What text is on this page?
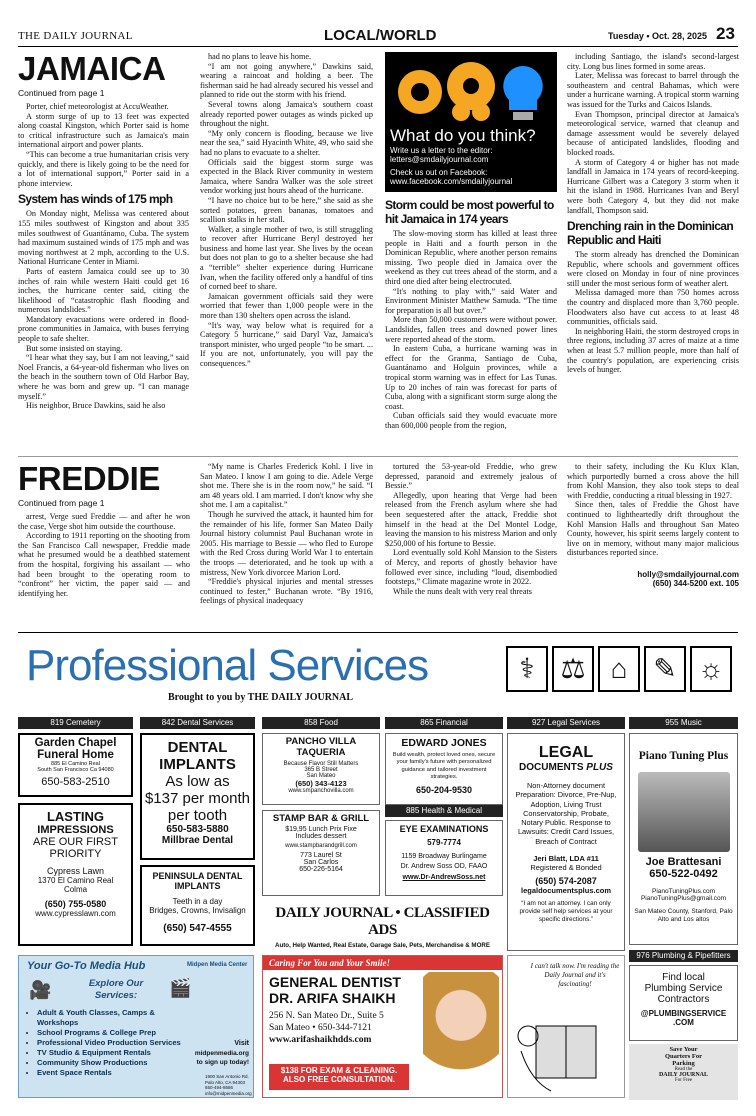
THE DAILY JOURNAL	LOCAL/WORLD	Tuesday • Oct. 28, 2025 23
JAMAICA
Continued from page 1

Porter, chief meteorologist at AccuWeather.

A storm surge of up to 13 feet was expected along coastal Kingston, which Porter said is home to critical infrastructure such as Jamaica's main international airport and power plants.

“This can become a true humanitarian crisis very quickly, and there is likely going to be the need for a lot of international support,” Porter said in a phone interview.

System has winds of 175 mph

On Monday night, Melissa was centered about 155 miles southwest of Kingston and about 335 miles southwest of Guantánamo, Cuba. The system had maximum sustained winds of 175 mph and was moving northwest at 2 mph, according to the U.S. National Hurricane Center in Miami.

Parts of eastern Jamaica could see up to 30 inches of rain while western Haiti could get 16 inches, the hurricane center said, citing the likelihood of “catastrophic flash flooding and numerous landslides.”

Mandatory evacuations were ordered in flood-prone communities in Jamaica, with buses ferrying people to safe shelter.

But some insisted on staying.

“I hear what they say, but I am not leaving,” said Noel Francis, a 64-year-old fisherman who lives on the beach in the southern town of Old Harbor Bay, where he was born and grew up. “I can manage myself.”

His neighbor, Bruce Dawkins, said he also

had no plans to leave his home.

“I am not going anywhere,” Dawkins said, wearing a raincoat and holding a beer. The fisherman said he had already secured his vessel and planned to ride out the storm with his friend.

Several towns along Jamaica's southern coast already reported power outages as winds picked up throughout the night.

“My only concern is flooding, because we live near the sea,” said Hyacinth White, 49, who said she had no plans to evacuate to a shelter.

Officials said the biggest storm surge was expected in the Black River community in western Jamaica, where Sandra Walker was the sole street vendor working just hours ahead of the hurricane.

“I have no choice but to be here,” she said as she sorted potatoes, green bananas, tomatoes and scallion stalks in her stall.

Walker, a single mother of two, is still struggling to recover after Hurricane Beryl destroyed her business and home last year. She lives by the ocean but does not plan to go to a shelter because she had a “terrible” shelter experience during Hurricane Ivan, when the facility offered only a handful of tins of corned beef to share.

Jamaican government officials said they were worried that fewer than 1,000 people were in the more than 130 shelters open across the island.

“It's way, way below what is required for a Category 5 hurricane,” said Daryl Vaz, Jamaica's transport minister, who urged people “to be smart. ... If you are not, unfortunately, you will pay the consequences.”

What do you think?
Write us a letter to the editor:
letters@smdailyjournal.com
Check us out on Facebook:
www.facebook.com/smdailyjournal
Storm could be most powerful to hit Jamaica in 174 years

The slow-moving storm has killed at least three people in Haiti and a fourth person in the Dominican Republic, where another person remains missing. Two people died in Jamaica over the weekend as they cut trees ahead of the storm, and a third one died after being electrocuted.

“It's nothing to play with,” said Water and Environment Minister Matthew Samuda. “The time for preparation is all but over.”

More than 50,000 customers were without power. Landslides, fallen trees and downed power lines were reported ahead of the storm.

In eastern Cuba, a hurricane warning was in effect for the Granma, Santiago de Cuba, Guantánamo and Holguin provinces, while a tropical storm warning was in effect for Las Tunas. Up to 20 inches of rain was forecast for parts of Cuba, along with a significant storm surge along the coast.

Cuban officials said they would evacuate more than 600,000 people from the region,

including Santiago, the island's second-largest city. Long bus lines formed in some areas.

Later, Melissa was forecast to barrel through the southeastern and central Bahamas, which were under a hurricane warning. A tropical storm warning was issued for the Turks and Caicos Islands.

Evan Thompson, principal director at Jamaica's meteorological service, warned that cleanup and damage assessment would be severely delayed because of anticipated landslides, flooding and blocked roads.

A storm of Category 4 or higher has not made landfall in Jamaica in 174 years of record-keeping. Hurricane Gilbert was a Category 3 storm when it hit the island in 1988. Hurricanes Ivan and Beryl were both Category 4, but they did not make landfall, Thompson said.

Drenching rain in the Dominican Republic and Haiti

The storm already has drenched the Dominican Republic, where schools and government offices were closed on Monday in four of nine provinces still under the most serious form of weather alert.

Melissa damaged more than 750 homes across the country and displaced more than 3,760 people. Floodwaters also have cut access to at least 48 communities, officials said.

In neighboring Haiti, the storm destroyed crops in three regions, including 37 acres of maize at a time when at least 5.7 million people, more than half of the country's population, are experiencing crisis levels of hunger.

FREDDIE
Continued from page 1

arrest, Verge sued Freddie — and after he won the case, Verge shot him outside the courthouse.

According to 1911 reporting on the shooting from the San Francisco Call newspaper, Freddie made what he presumed would be a deathbed statement from the hospital, forgiving his assailant — who had been brought to the operating room to “confront” her victim, the paper said — and identifying her.

“My name is Charles Frederick Kohl. I live in San Mateo. I know I am going to die. Adele Verge shot me. There she is in the room now,” he said. “I am 48 years old. I am married. I don't know why she shot me. I am a capitalist.”

Though he survived the attack, it haunted him for the remainder of his life, former San Mateo Daily Journal history columnist Paul Buchanan wrote in 2005. His marriage to Bessie — who fled to Europe with the Red Cross during World War I to entertain the troops — deteriorated, and he took up with a mistress, New York divorcee Marion Lord.

“Freddie's physical injuries and mental stresses continued to fester,” Buchanan wrote. “By 1916, feelings of physical inadequacy

tortured the 53-year-old Freddie, who grew depressed, paranoid and extremely jealous of Bessie.”

Allegedly, upon hearing that Verge had been released from the French asylum where she had been sequestered after the attack, Freddie shot himself in the head at the Del Montel Lodge, leaving the mansion to his mistress Marion and only $250,000 of his fortune to Bessie.

Lord eventually sold Kohl Mansion to the Sisters of Mercy, and reports of ghostly behavior have followed ever since, including “loud, disembodied footsteps,” Climate magazine wrote in 2022.

While the nuns dealt with very real threats

to their safety, including the Ku Klux Klan, which purportedly burned a cross above the hill from Kohl Mansion, they also took steps to deal with Freddie, conducting a ritual blessing in 1927.

Since then, tales of Freddie the Ghost have continued to lightheartedly drift throughout the Kohl Mansion Halls and throughout San Mateo County, however, his spirit seems largely content to live on in memory, without many major malicious disturbances reported since.

holly@smdailyjournal.com
(650) 344-5200 ext. 105
Professional Services
Brought to you by THE DAILY JOURNAL
⚕ ⚖ ⌂ ✎ ☼
819 Cemetery	842 Dental Services	858 Food	865 Financial	927 Legal Services	955 Music
Garden Chapel
Funeral Home
885 El Camino Real
South San Francisco Ca 94080
650-583-2510
LASTING
IMPRESSIONS
ARE OUR FIRST
PRIORITY
Cypress Lawn
1370 El Camino Real
Colma
(650) 755-0580
www.cypresslawn.com
DENTAL
IMPLANTS
As low as
$137 per month
per tooth
650-583-5880
Millbrae Dental
PENINSULA DENTAL
IMPLANTS
Teeth in a day
Bridges, Crowns, Invisalign
(650) 547-4555
PANCHO VILLA
TAQUERIA
Because Flavor Still Matters
365 B Street
San Mateo
(650) 343-4123
www.smpanchovilla.com
STAMP BAR & GRILL
$19,95 Lunch Prix Fixe
Includes dessert
www.stampbarandgrill.com
773 Laurel St
San Carlos
650-226-5164
EDWARD JONES
Build wealth, protect loved ones, secure your family's future with personalized guidance and tailored investment strategies.
650-204-9530
885 Health & Medical
EYE EXAMINATIONS
579-7774
1159 Broadway Burlingame
Dr. Andrew Soss OD, FAAO
www.Dr-AndrewSoss.net
DAILY JOURNAL • CLASSIFIED ADS
Auto, Help Wanted, Real Estate, Garage Sale, Pets, Merchandise & MORE
LEGAL
DOCUMENTS PLUS
Non-Attorney document Preparation: Divorce, Pre-Nup, Adoption, Living Trust Conservatorship, Probate, Notary Public. Response to Lawsuits: Credit Card Issues, Breach of Contract
Jeri Blatt, LDA #11
Registered & Bonded
(650) 574-2087
legaldocumentsplus.com
“I am not an attorney. I can only provide self help services at your specific directions.”
Piano Tuning Plus
Joe Brattesani
650-522-0492
PianoTuningPlus.com
PianoTuningPlus@gmail.com
San Mateo County, Stanford, Palo Alto and Los altos
976 Plumbing & Pipefitters
Find local
Plumbing Service
Contractors
@PLUMBINGSERVICE
.COM
Your Go-To Media Hub	Midpen Media Center
Explore Our Services:
🎥	🎬
• Adult & Youth Classes, Camps & Workshops
• School Programs & College Prep
• Professional Video Production Services
• TV Studio & Equipment Rentals
• Community Show Productions
• Event Space Rentals
Visit
midpenmedia.org
to sign up today!
1900 San Antonio Rd. Palo Alto, CA 94303 650-494-8686 info@midpenmedia.org
Caring For You and Your Smile!
GENERAL DENTIST
DR. ARIFA SHAIKH
256 N. San Mateo Dr., Suite 5
San Mateo • 650-344-7121
www.arifashaikhdds.com
$138 FOR EXAM & CLEANING.
ALSO FREE CONSULTATION.
I can't talk now. I'm reading the Daily Journal and it's fascinating!
Save Your
Quarters For
Parking
Read the
DAILY JOURNAL
For Free
